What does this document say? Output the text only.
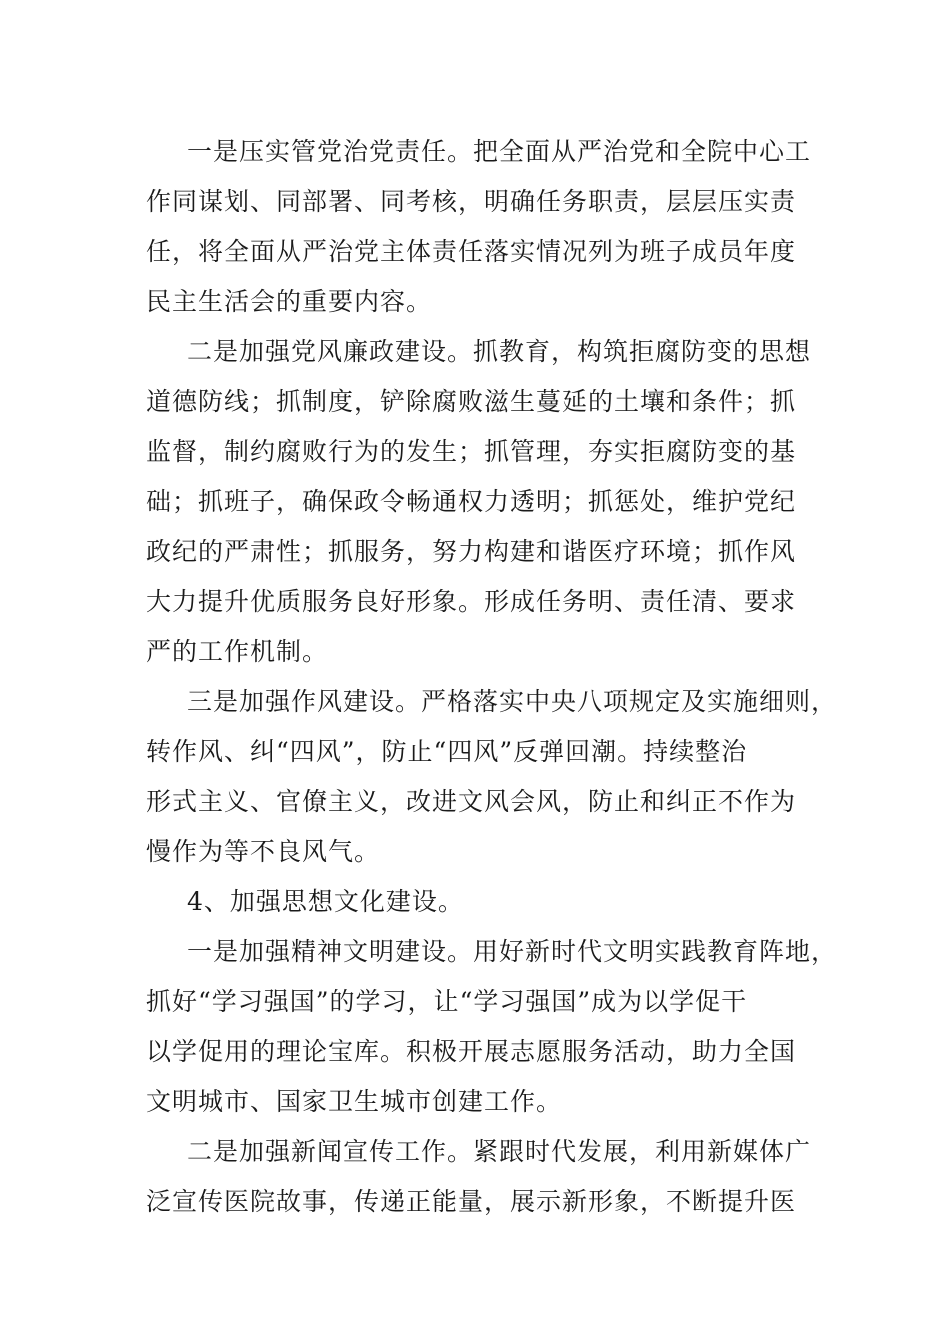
一是压实管党治党责任。把全面从严治党和全院中心工
作同谋划、同部署、同考核，明确任务职责，层层压实责
任，将全面从严治党主体责任落实情况列为班子成员年度
民主生活会的重要内容。
二是加强党风廉政建设。抓教育，构筑拒腐防变的思想
道德防线；抓制度，铲除腐败滋生蔓延的土壤和条件；抓
监督，制约腐败行为的发生；抓管理，夯实拒腐防变的基
础；抓班子，确保政令畅通权力透明；抓惩处，维护党纪
政纪的严肃性；抓服务，努力构建和谐医疗环境；抓作风
大力提升优质服务良好形象。形成任务明、责任清、要求
严的工作机制。
三是加强作风建设。严格落实中央八项规定及实施细则，
转作风、纠“四风”，防止“四风”反弹回潮。持续整治
形式主义、官僚主义，改进文风会风，防止和纠正不作为
慢作为等不良风气。
4、加强思想文化建设。
一是加强精神文明建设。用好新时代文明实践教育阵地，
抓好“学习强国”的学习，让“学习强国”成为以学促干
以学促用的理论宝库。积极开展志愿服务活动，助力全国
文明城市、国家卫生城市创建工作。
二是加强新闻宣传工作。紧跟时代发展，利用新媒体广
泛宣传医院故事，传递正能量，展示新形象，不断提升医
